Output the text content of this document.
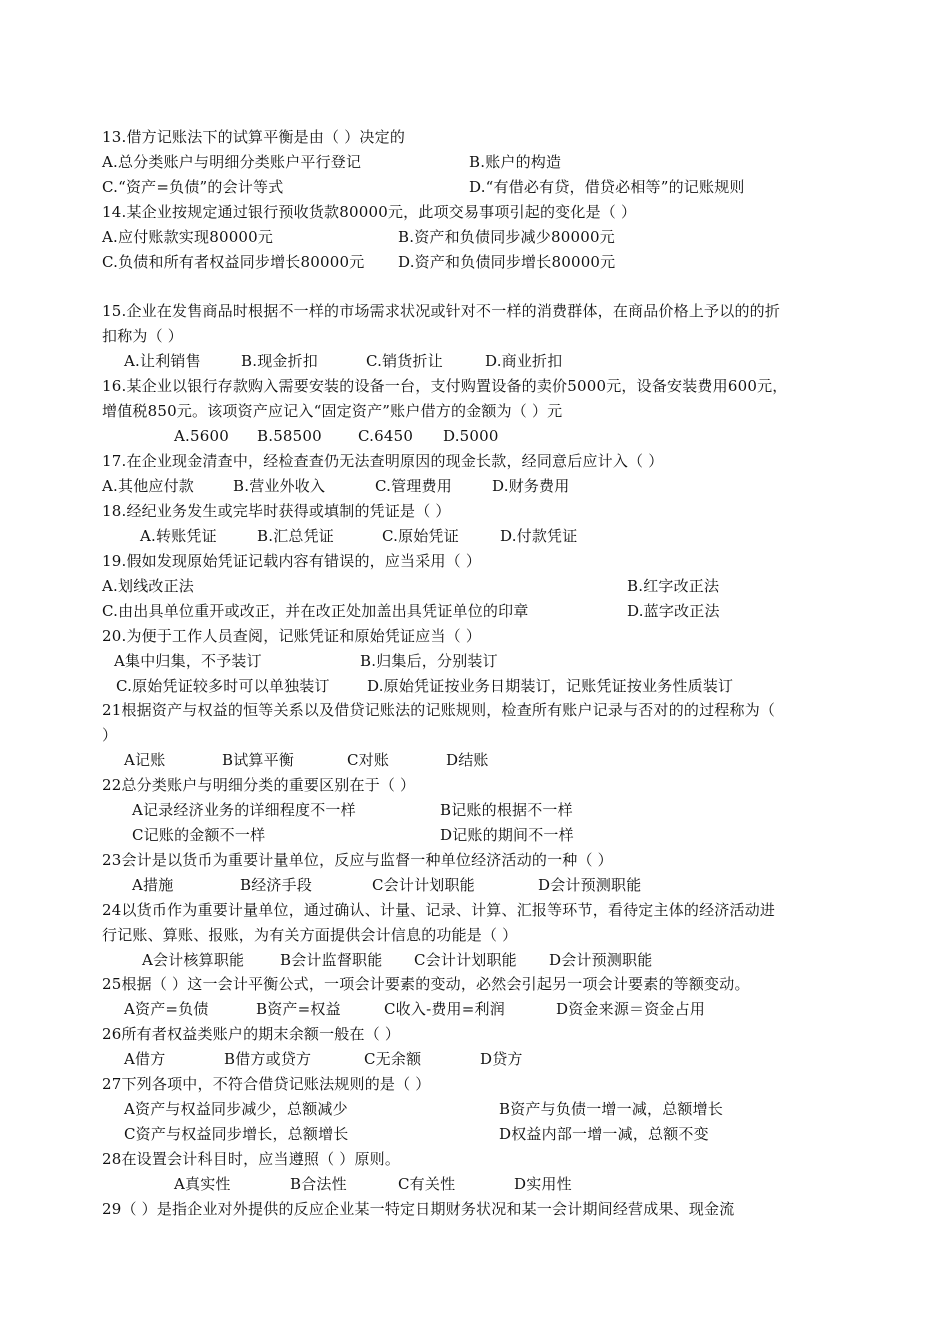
13.借方记账法下的试算平衡是由（ ）决定的
A.总分类账户与明细分类账户平行登记	B.账户的构造
C.“资产=负债”的会计等式	D.“有借必有贷，借贷必相等”的记账规则
14.某企业按规定通过银行预收货款80000元，此项交易事项引起的变化是（ ）
A.应付账款实现80000元	B.资产和负债同步减少80000元
C.负债和所有者权益同步增长80000元 D.资产和负债同步增长80000元
15.企业在发售商品时根据不一样的市场需求状况或针对不一样的消费群体，在商品价格上予以的的折
扣称为（ ）
A.让利销售	B.现金折扣	C.销货折让	D.商业折扣
16.某企业以银行存款购入需要安装的设备一台，支付购置设备的卖价5000元，设备安装费用600元，
增值税850元。该项资产应记入“固定资产”账户借方的金额为（ ）元
A.5600 B.58500 C.6450 D.5000
17.在企业现金清查中，经检查查仍无法查明原因的现金长款，经同意后应计入（ ）
A.其他应付款	B.营业外收入	C.管理费用	D.财务费用
18.经纪业务发生或完毕时获得或填制的凭证是（ ）
A.转账凭证	B.汇总凭证	C.原始凭证	D.付款凭证
19.假如发现原始凭证记载内容有错误的，应当采用（ ）
A.划线改正法	B.红字改正法
C.由出具单位重开或改正，并在改正处加盖出具凭证单位的印章	D.蓝字改正法
20.为便于工作人员查阅，记账凭证和原始凭证应当（ ）
A集中归集，不予装订	B.归集后，分别装订
C.原始凭证较多时可以单独装订 D.原始凭证按业务日期装订，记账凭证按业务性质装订
21根据资产与权益的恒等关系以及借贷记账法的记账规则，检查所有账户记录与否对的的过程称为（
）
A记账	B试算平衡	C对账	D结账
22总分类账户与明细分类的重要区别在于（ ）
A记录经济业务的详细程度不一样	B记账的根据不一样
C记账的金额不一样	D记账的期间不一样
23会计是以货币为重要计量单位，反应与监督一种单位经济活动的一种（ ）
A措施	B经济手段	C会计计划职能	D会计预测职能
24以货币作为重要计量单位，通过确认、计量、记录、计算、汇报等环节，看待定主体的经济活动进
行记账、算账、报账，为有关方面提供会计信息的功能是（ ）
A会计核算职能 B会计监督职能 C会计计划职能 D会计预测职能
25根据（ ）这一会计平衡公式，一项会计要素的变动，必然会引起另一项会计要素的等额变动。
A资产=负债	B资产=权益	C收入-费用=利润	D资金来源＝资金占用
26所有者权益类账户的期末余额一般在（ ）
A借方	B借方或贷方	C无余额	D贷方
27下列各项中，不符合借贷记账法规则的是（ ）
A资产与权益同步减少，总额减少	B资产与负债一增一减，总额增长
C资产与权益同步增长，总额增长	D权益内部一增一减，总额不变
28在设置会计科目时，应当遵照（ ）原则。
A真实性	B合法性	C有关性	D实用性
29（ ）是指企业对外提供的反应企业某一特定日期财务状况和某一会计期间经营成果、现金流
